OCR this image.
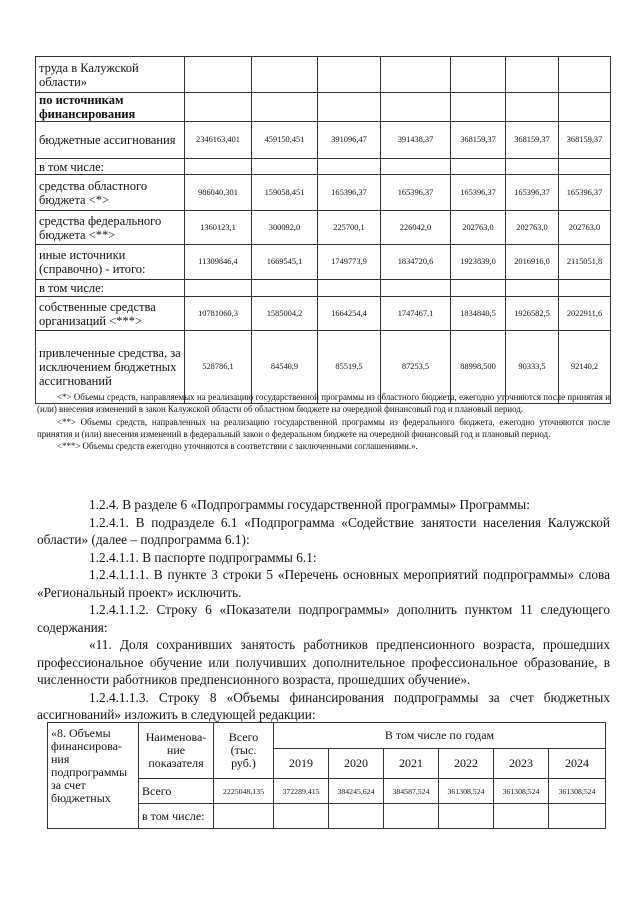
труда в Калужской области»							
по источникам финансирования							
бюджетные ассигнования	2346163,401	459150,451	391096,47	391438,37	368159,37	368159,37	368159,37
в том числе:							
средства областного бюджета <*>	986040,301	159058,451	165396,37	165396,37	165396,37	165396,37	165396,37
средства федерального бюджета <**>	1360123,1	300092,0	225700,1	226042,0	202763,0	202763,0	202763,0
иные источники (справочно) - итого:	11309846,4	1669545,1	1749773,9	1834720,6	1923839,0	2016916,0	2115051,8
в том числе:							
собственные средства организаций <***>	10781060,3	1585004,2	1664254,4	1747467,1	1834840,5	1926582,5	2022911,6
привлеченные средства, за исключением бюджетных ассигнований	528786,1	84540,9	85519,5	87253,5	88998,500	90333,5	92140,2

<*> Объемы средств, направляемых на реализацию государственной программы из областного бюджета, ежегодно уточняются после принятия и (или) внесения изменений в закон Калужской области об областном бюджете на очередной финансовый год и плановый период.

<**> Объемы средств, направленных на реализацию государственной программы из федерального бюджета, ежегодно уточняются после принятия и (или) внесения изменений в федеральный закон о федеральном бюджете на очередной финансовый год и плановый период.

<***> Объемы средств ежегодно уточняются в соответствии с заключенными соглашениями.».

1.2.4. В разделе 6 «Подпрограммы государственной программы» Программы:

1.2.4.1. В подразделе 6.1 «Подпрограмма «Содействие занятости населения Калужской области» (далее – подпрограмма 6.1):

1.2.4.1.1. В паспорте подпрограммы 6.1:

1.2.4.1.1.1. В пункте 3 строки 5 «Перечень основных мероприятий подпрограммы» слова «Региональный проект» исключить.

1.2.4.1.1.2. Строку 6 «Показатели подпрограммы» дополнить пунктом 11 следующего содержания:

«11. Доля сохранивших занятость работников предпенсионного возраста, прошедших профессиональное обучение или получивших дополнительное профессиональное образование, в численности работников предпенсионного возраста, прошедших обучение».

1.2.4.1.1.3. Строку 8 «Объемы финансирования подпрограммы за счет бюджетных ассигнований» изложить в следующей редакции:

«8. Объемы финансирова-ния подпрограммы за счет бюджетных	Наименова-ние показателя	Всего (тыс. руб.)	В том числе по годам					
			2019	2020	2021	2022	2023	2024
	Всего	2225048,135	372289,415	384245,624	384587,524	361308,524	361308,524	361308,524
	в том числе:							
